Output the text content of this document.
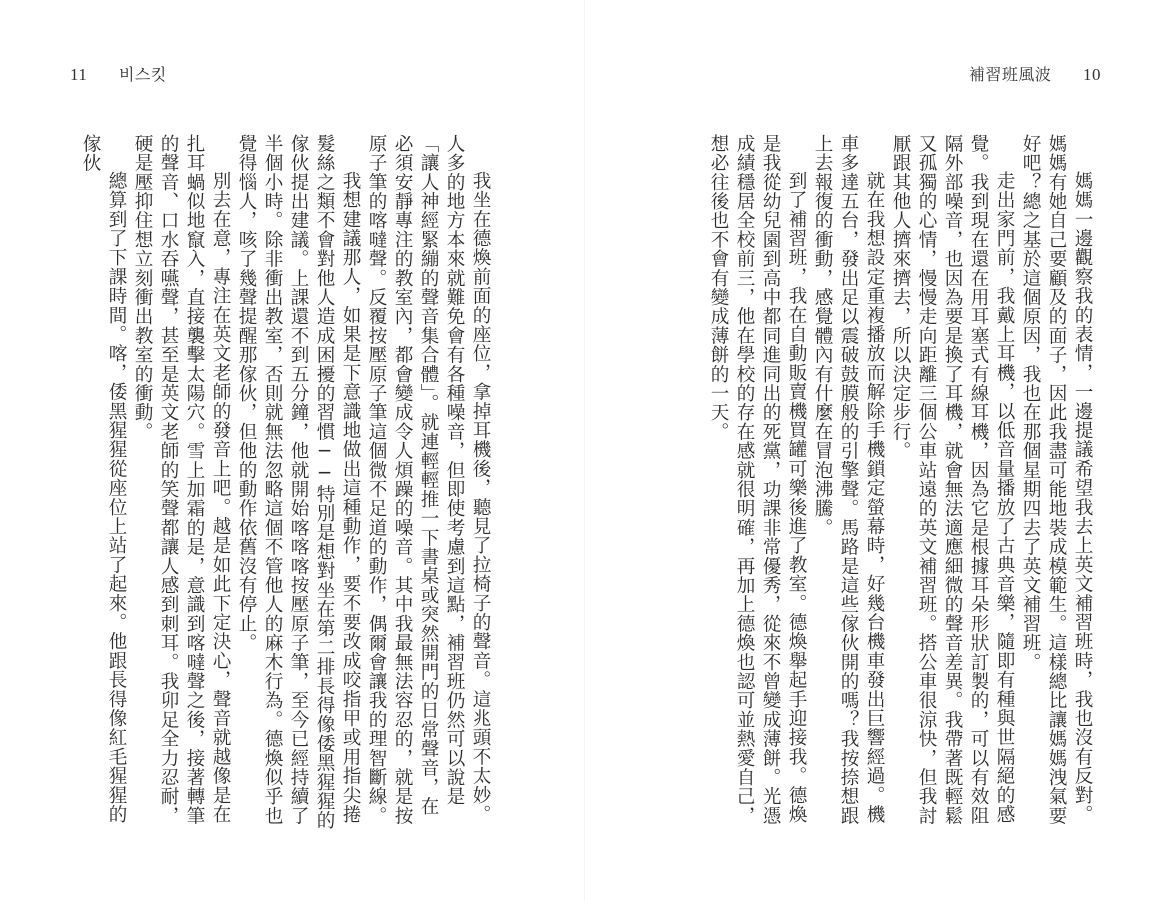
11 비스킷

我坐在德煥前面的座位，拿掉耳機後，聽見了拉椅子的聲音。這兆頭不太妙。人多的地方本來就難免會有各種噪音，但即使考慮到這點，補習班仍然可以說是「讓人神經緊繃的聲音集合體」。就連輕輕推一下書桌或突然開門的日常聲音，在必須安靜專注的教室內，都會變成令人煩躁的噪音。其中我最無法容忍的，就是按原子筆的喀噠聲。反覆按壓原子筆這個微不足道的動作，偶爾會讓我的理智斷線。

我想建議那人，如果是下意識地做出這種動作，要不要改成咬指甲或用指尖捲髮絲之類不會對他人造成困擾的習慣──特別是想對坐在第二排長得像倭黑猩猩的傢伙提出建議。上課還不到五分鐘，他就開始喀喀喀按壓原子筆，至今已經持續了半個小時。除非衝出教室，否則就無法忽略這個不管他人的麻木行為。德煥似乎也覺得惱人，咳了幾聲提醒那傢伙，但他的動作依舊沒有停止。

別去在意，專注在英文老師的發音上吧。越是如此下定決心，聲音就越像是在扎耳蝸似地竄入，直接襲擊太陽穴。雪上加霜的是，意識到喀噠聲之後，接著轉筆的聲音、口水吞嚥聲，甚至是英文老師的笑聲都讓人感到刺耳。我卯足全力忍耐，硬是壓抑住想立刻衝出教室的衝動。

總算到了下課時間。喀，倭黑猩猩從座位上站了起來。他跟長得像紅毛猩猩的傢伙

補習班風波 10

媽媽一邊觀察我的表情，一邊提議希望我去上英文補習班時，我也沒有反對。媽媽有她自己要顧及的面子，因此我盡可能地裝成模範生。這樣總比讓媽媽洩氣要好吧？總之基於這個原因，我也在那個星期四去了英文補習班。

走出家門前，我戴上耳機，以低音量播放了古典音樂，隨即有種與世隔絕的感覺。我到現在還在用耳塞式有線耳機，因為它是根據耳朵形狀訂製的，可以有效阻隔外部噪音，也因為要是換了耳機，就會無法適應細微的聲音差異。我帶著既輕鬆又孤獨的心情，慢慢走向距離三個公車站遠的英文補習班。搭公車很涼快，但我討厭跟其他人擠來擠去，所以決定步行。

就在我想設定重複播放而解除手機鎖定螢幕時，好幾台機車發出巨響經過。機車多達五台，發出足以震破鼓膜般的引擎聲。馬路是這些傢伙開的嗎？我按捺想跟上去報復的衝動，感覺體內有什麼在冒泡沸騰。

到了補習班，我在自動販賣機買罐可樂後進了教室。德煥舉起手迎接我。德煥是我從幼兒園到高中都同進同出的死黨，功課非常優秀，從來不曾變成薄餅。光憑成績穩居全校前三，他在學校的存在感就很明確，再加上德煥也認可並熱愛自己，想必往後也不會有變成薄餅的一天。
